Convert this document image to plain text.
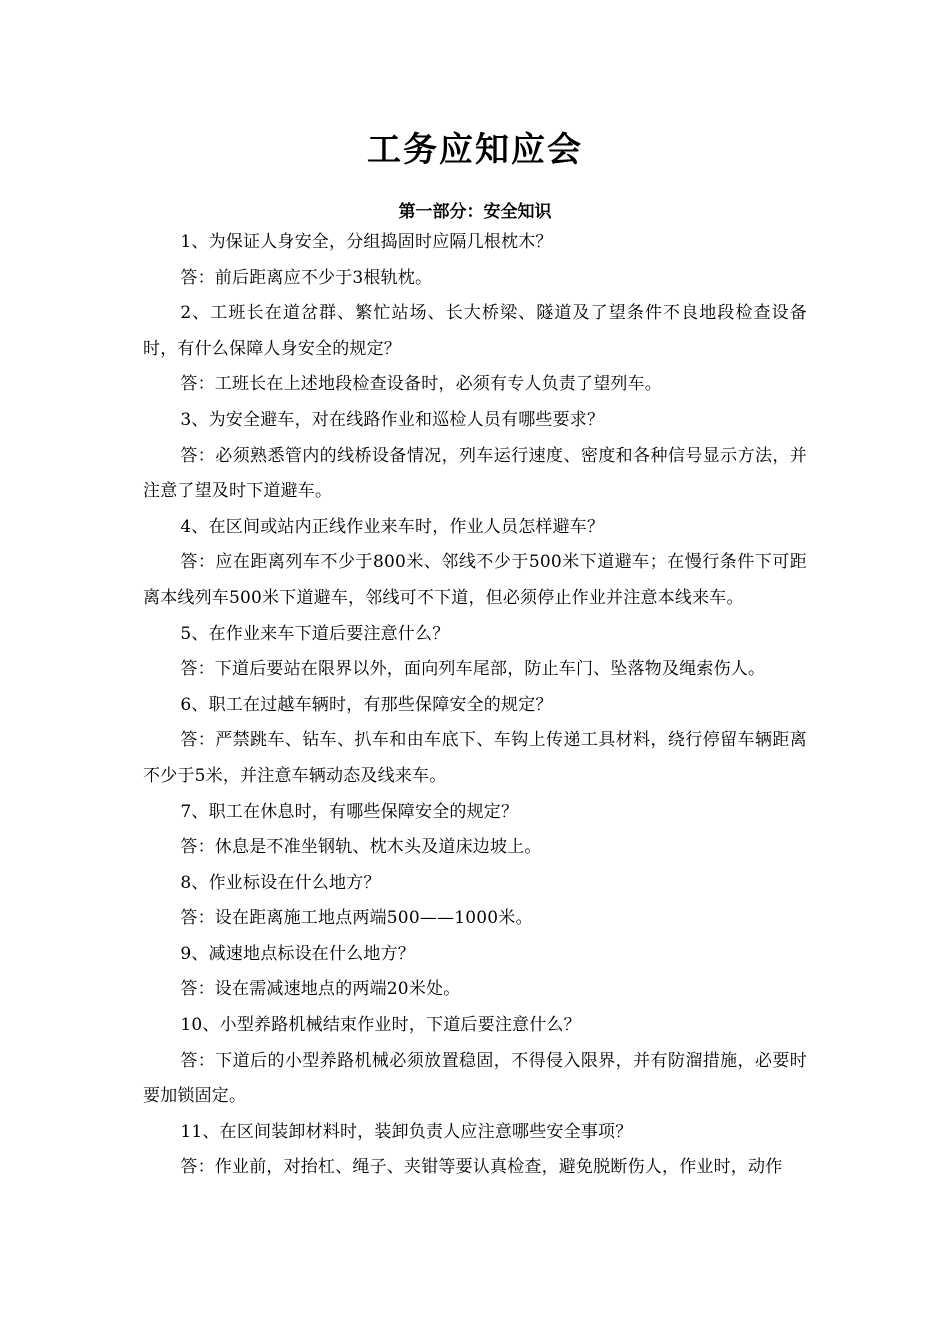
工务应知应会
第一部分：安全知识

1、为保证人身安全，分组捣固时应隔几根枕木？

答：前后距离应不少于3根轨枕。

2、工班长在道岔群、繁忙站场、长大桥梁、隧道及了望条件不良地段检查设备时，有什么保障人身安全的规定？

答：工班长在上述地段检查设备时，必须有专人负责了望列车。

3、为安全避车，对在线路作业和巡检人员有哪些要求？

答：必须熟悉管内的线桥设备情况，列车运行速度、密度和各种信号显示方法，并注意了望及时下道避车。

4、在区间或站内正线作业来车时，作业人员怎样避车？

答：应在距离列车不少于800米、邻线不少于500米下道避车；在慢行条件下可距离本线列车500米下道避车，邻线可不下道，但必须停止作业并注意本线来车。

5、在作业来车下道后要注意什么？

答：下道后要站在限界以外，面向列车尾部，防止车门、坠落物及绳索伤人。

6、职工在过越车辆时，有那些保障安全的规定？

答：严禁跳车、钻车、扒车和由车底下、车钩上传递工具材料，绕行停留车辆距离不少于5米，并注意车辆动态及线来车。

7、职工在休息时，有哪些保障安全的规定？

答：休息是不准坐钢轨、枕木头及道床边坡上。

8、作业标设在什么地方？

答：设在距离施工地点两端500——1000米。

9、减速地点标设在什么地方？

答：设在需减速地点的两端20米处。

10、小型养路机械结束作业时，下道后要注意什么？

答：下道后的小型养路机械必须放置稳固，不得侵入限界，并有防溜措施，必要时要加锁固定。

11、在区间装卸材料时，装卸负责人应注意哪些安全事项？

答：作业前，对抬杠、绳子、夹钳等要认真检查，避免脱断伤人，作业时，动作
